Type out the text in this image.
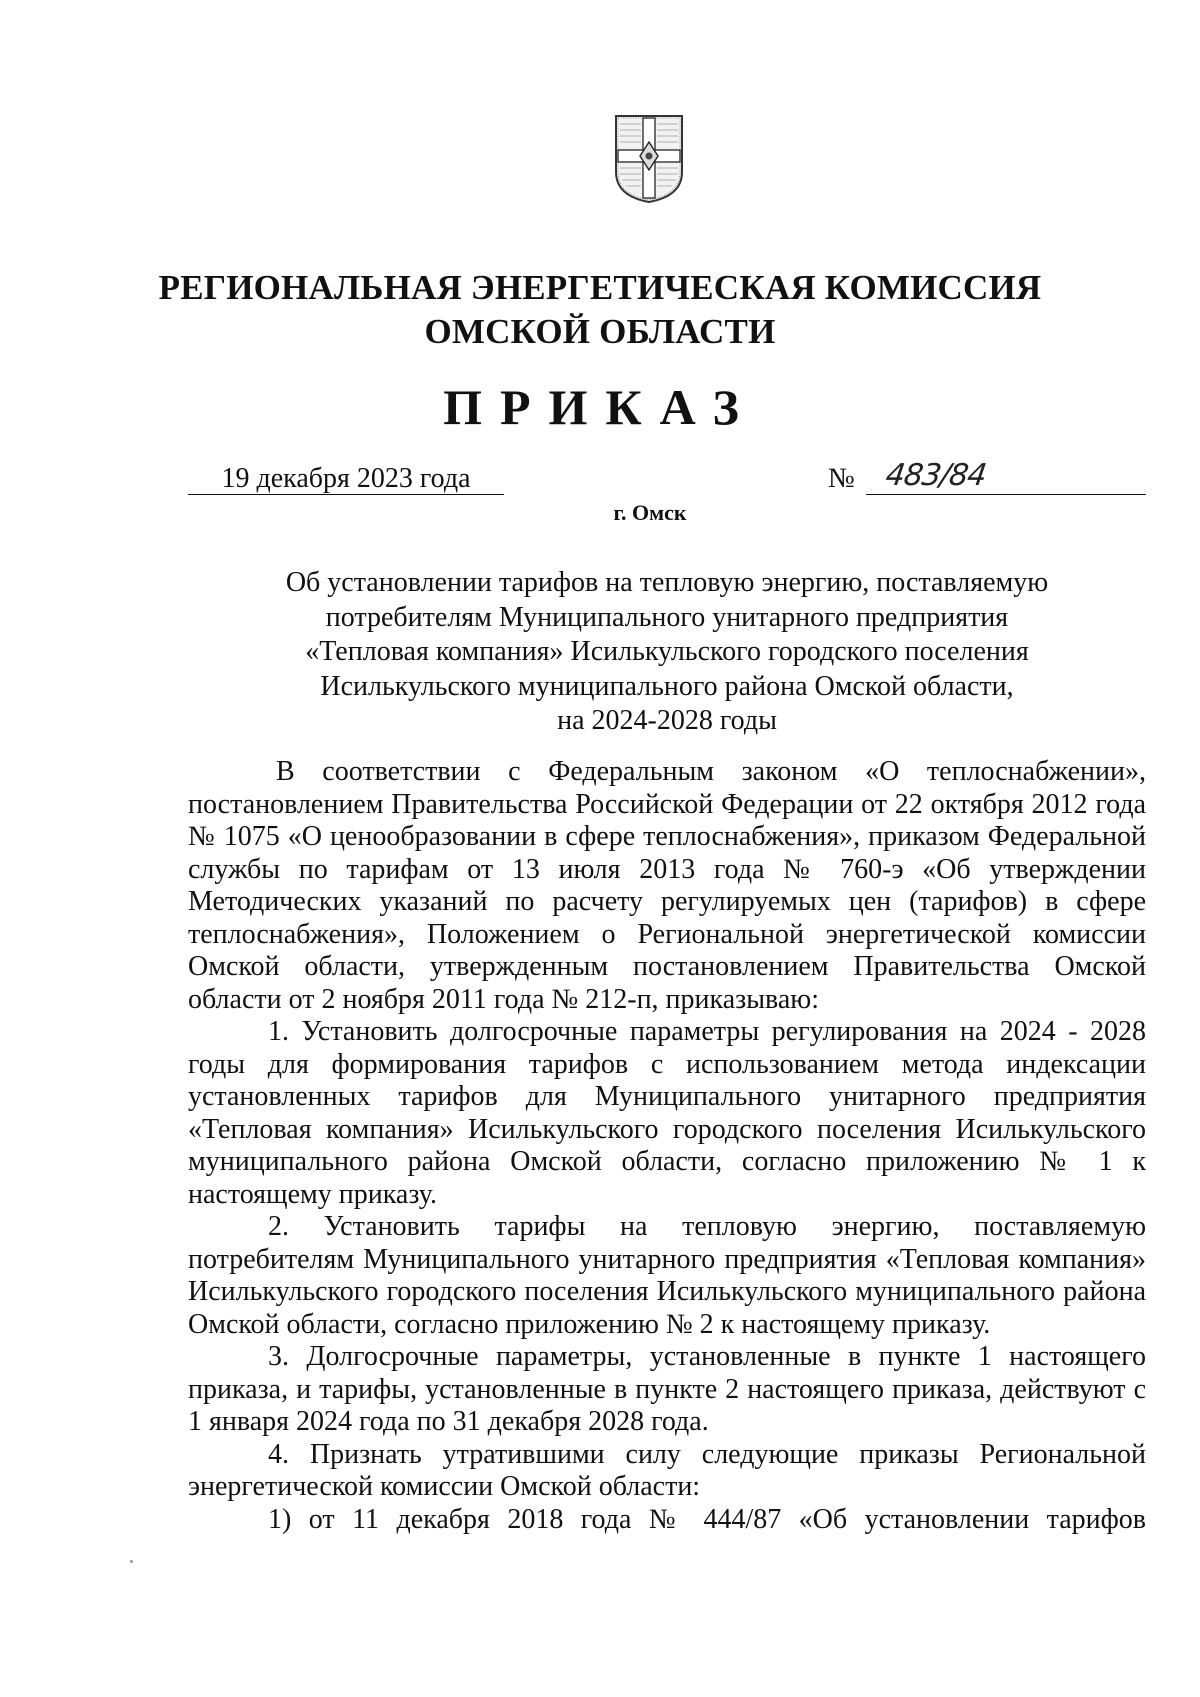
РЕГИОНАЛЬНАЯ ЭНЕРГЕТИЧЕСКАЯ КОМИССИЯ
ОМСКОЙ ОБЛАСТИ
ПРИКАЗ
19 декабря 2023 года	№ 483/84
г. Омск
Об установлении тарифов на тепловую энергию, поставляемую
потребителям Муниципального унитарного предприятия
«Тепловая компания» Исилькульского городского поселения
Исилькульского муниципального района Омской области,
на 2024-2028 годы

В соответствии с Федеральным законом «О теплоснабжении», постановлением Правительства Российской Федерации от 22 октября 2012 года № 1075 «О ценообразовании в сфере теплоснабжения», приказом Федеральной службы по тарифам от 13 июля 2013 года № 760-э «Об утверждении Методических указаний по расчету регулируемых цен (тарифов) в сфере теплоснабжения», Положением о Региональной энергетической комиссии Омской области, утвержденным постановлением Правительства Омской области от 2 ноября 2011 года № 212-п, приказываю:

1. Установить долгосрочные параметры регулирования на 2024 - 2028 годы для формирования тарифов с использованием метода индексации установленных тарифов для Муниципального унитарного предприятия «Тепловая компания» Исилькульского городского поселения Исилькульского муниципального района Омской области, согласно приложению № 1 к настоящему приказу.

2. Установить тарифы на тепловую энергию, поставляемую потребителям Муниципального унитарного предприятия «Тепловая компания» Исилькульского городского поселения Исилькульского муниципального района Омской области, согласно приложению № 2 к настоящему приказу.

3. Долгосрочные параметры, установленные в пункте 1 настоящего приказа, и тарифы, установленные в пункте 2 настоящего приказа, действуют с 1 января 2024 года по 31 декабря 2028 года.

4. Признать утратившими силу следующие приказы Региональной энергетической комиссии Омской области:

1) от 11 декабря 2018 года № 444/87 «Об установлении тарифов
